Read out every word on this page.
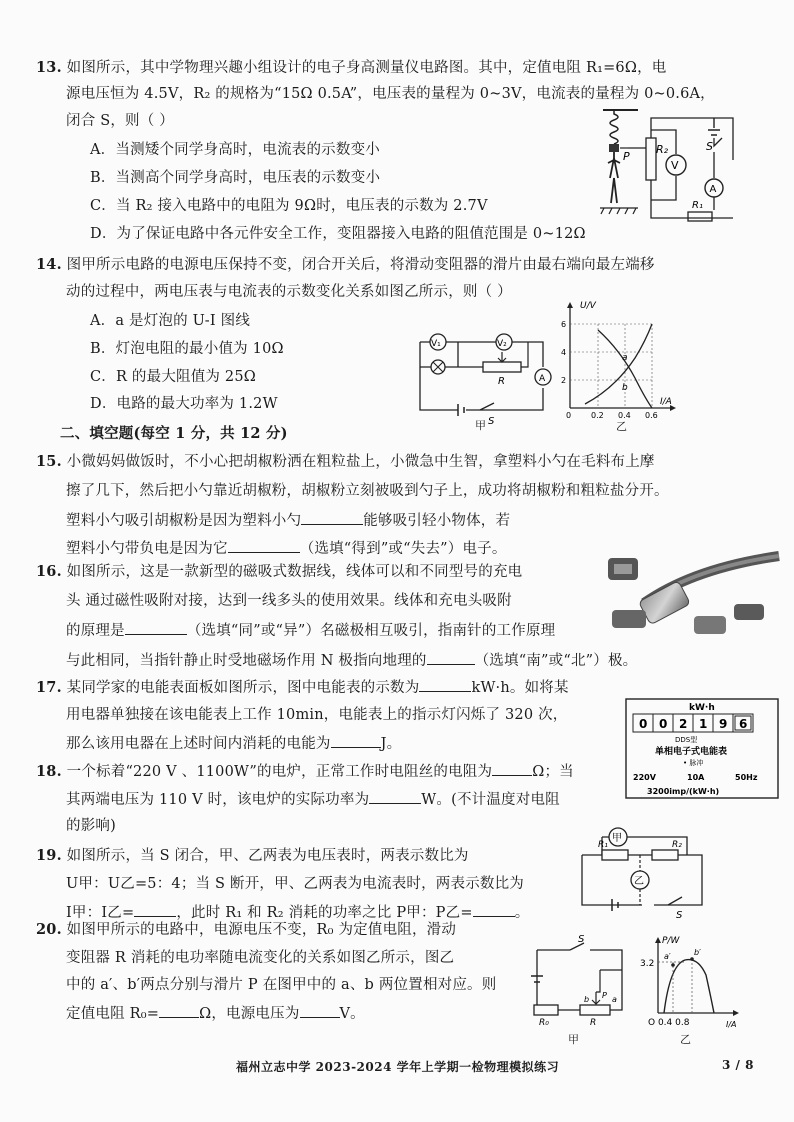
13. 如图所示，其中学物理兴趣小组设计的电子身高测量仪电路图。其中，定值电阻 R₁=6Ω，电
源电压恒为 4.5V，R₂ 的规格为“15Ω 0.5A”，电压表的量程为 0~3V，电流表的量程为 0~0.6A，
闭合 S，则（ ）
A．当测矮个同学身高时，电流表的示数变小
B．当测高个同学身高时，电压表的示数变小
C．当 R₂ 接入电路中的电阻为 9Ω时，电压表的示数为 2.7V
D．为了保证电路中各元件安全工作，变阻器接入电路的阻值范围是 0~12Ω
P
R₂
V
S
A
R₁
14. 图甲所示电路的电源电压保持不变，闭合开关后，将滑动变阻器的滑片由最右端向最左端移
动的过程中，两电压表与电流表的示数变化关系如图乙所示，则（ ）
A．a 是灯泡的 U-I 图线
B．灯泡电阻的最小值为 10Ω
C．R 的最大阻值为 25Ω
D．电路的最大功率为 1.2W
V₁	V₂
R	A
S
甲
U/V
I/A
6
4
2
0 0.2 0.4 0.6
a
b
乙
二、填空题(每空 1 分，共 12 分)
15. 小微妈妈做饭时，不小心把胡椒粉洒在粗粒盐上，小微急中生智，拿塑料小勺在毛料布上摩
擦了几下，然后把小勺靠近胡椒粉，胡椒粉立刻被吸到勺子上，成功将胡椒粉和粗粒盐分开。
塑料小勺吸引胡椒粉是因为塑料小勺	能够吸引轻小物体，若
塑料小勺带负电是因为它	（选填“得到”或“失去”）电子。
16. 如图所示，这是一款新型的磁吸式数据线，线体可以和不同型号的充电
头 通过磁性吸附对接，达到一线多头的使用效果。线体和充电头吸附
的原理是	（选填“同”或“异”）名磁极相互吸引，指南针的工作原理
与此相同，当指针静止时受地磁场作用 N 极指向地理的	（选填“南”或“北”）极。
17. 某同学家的电能表面板如图所示，图中电能表的示数为	kW·h。如将某
用电器单独接在该电能表上工作 10min，电能表上的指示灯闪烁了 320 次，
那么该用电器在上述时间内消耗的电能为	J。
kW·h
0 0 2 1 9 6
DDS型
单相电子式电能表
• 脉冲
220V	10A	50Hz
3200imp/(kW·h)
18. 一个标着“220 V 、1100W”的电炉，正常工作时电阻丝的电阻为	Ω；当
其两端电压为 110 V 时，该电炉的实际功率为	W。(不计温度对电阻
的影响)
19. 如图所示，当 S 闭合，甲、乙两表为电压表时，两表示数比为
U甲：U乙=5：4；当 S 断开，甲、乙两表为电流表时，两表示数比为
I甲：I乙=	，此时 R₁ 和 R₂ 消耗的功率之比 P甲：P乙=	。
甲
R₁	R₂
乙
S
20. 如图甲所示的电路中，电源电压不变，R₀ 为定值电阻，滑动
变阻器 R 消耗的电功率随电流变化的关系如图乙所示，图乙
中的 a′、b′两点分别与滑片 P 在图甲中的 a、b 两位置相对应。则
定值电阻 R₀=	Ω，电源电压为	V。
S
R₀	R
b P a
甲
P/W
3.2
a′	b′
O 0.4 0.8	I/A
乙
福州立志中学 2023-2024 学年上学期一检物理模拟练习	3 / 8
